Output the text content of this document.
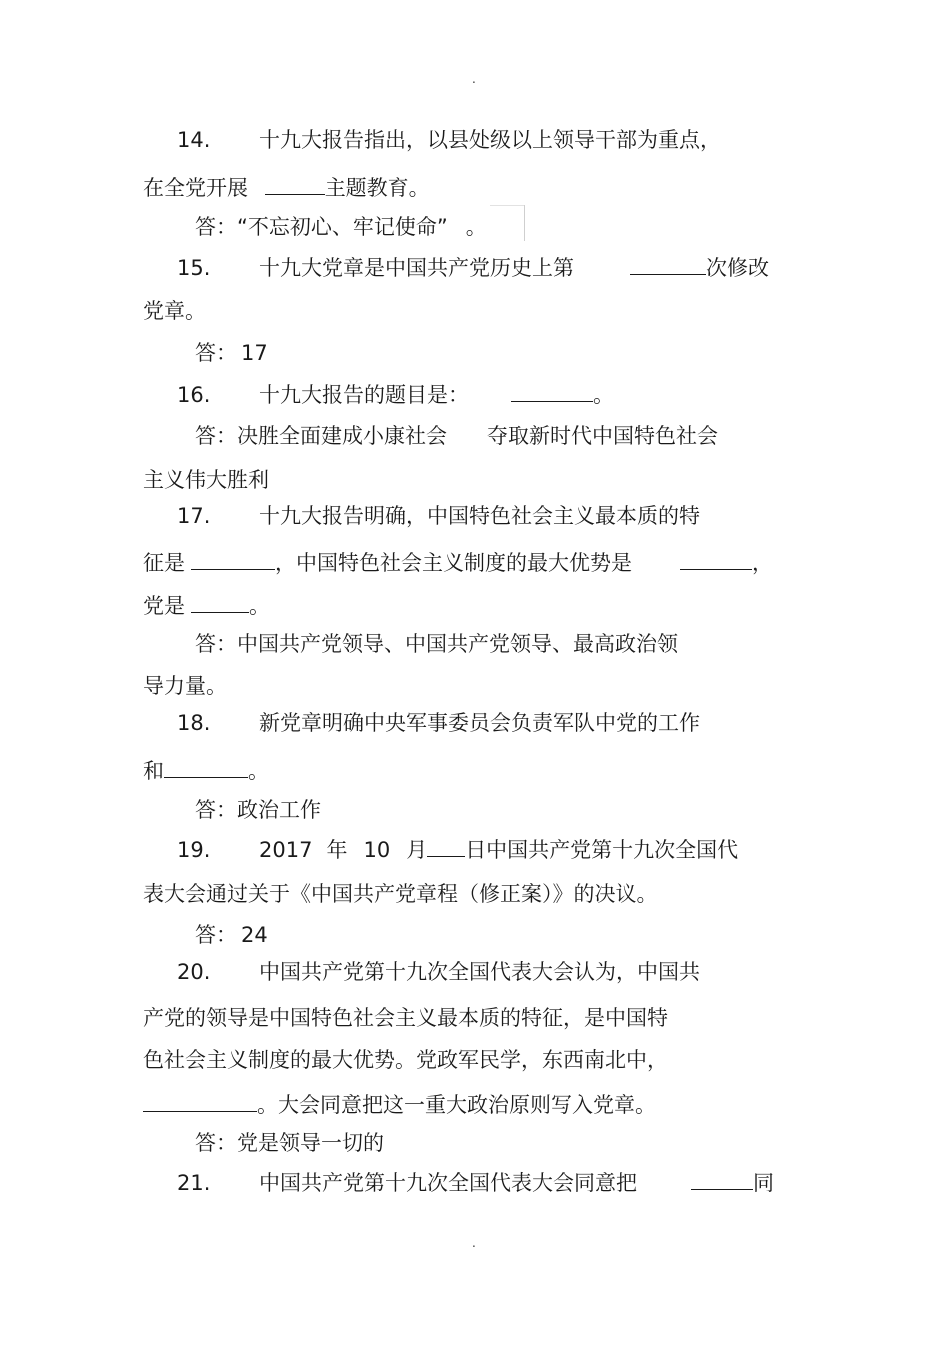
.
14. 十九大报告指出，以县处级以上领导干部为重点，
在全党开展	主题教育。
答：“不忘初心、牢记使命” 。
15. 十九大党章是中国共产党历史上第	次修改
党章。
答： 17
16. 十九大报告的题目是：	。
答：决胜全面建成小康社会 夺取新时代中国特色社会
主义伟大胜利
17. 十九大报告明确，中国特色社会主义最本质的特
征是	，中国特色社会主义制度的最大优势是	，
党是	。
答：中国共产党领导、中国共产党领导、最高政治领
导力量。
18. 新党章明确中央军事委员会负责军队中党的工作
和	。
答：政治工作
19. 2017 年 10 月 日中国共产党第十九次全国代
表大会通过关于《中国共产党章程（修正案）》的决议。
答： 24
20. 中国共产党第十九次全国代表大会认为，中国共
产党的领导是中国特色社会主义最本质的特征，是中国特
色社会主义制度的最大优势。党政军民学，东西南北中，
。大会同意把这一重大政治原则写入党章。
答：党是领导一切的
21. 中国共产党第十九次全国代表大会同意把	同
.
